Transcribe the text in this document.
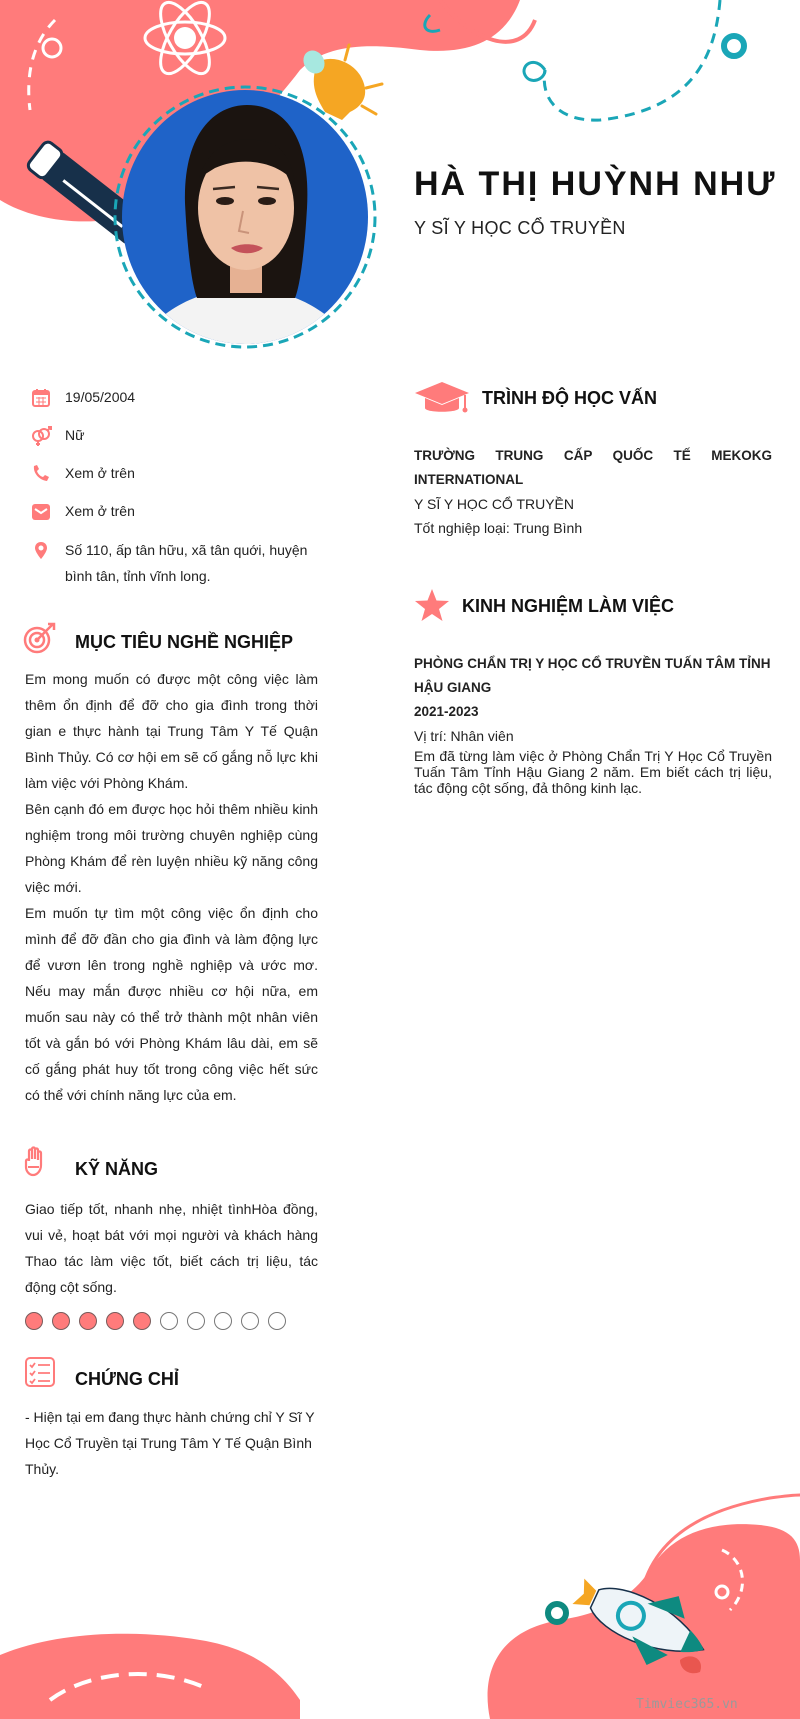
HÀ THỊ HUỲNH NHƯ
Y SĨ Y HỌC CỔ TRUYỀN
19/05/2004
Nữ
Xem ở trên
Xem ở trên
Số 110, ấp tân hữu, xã tân quới, huyện bình tân, tỉnh vĩnh long.
MỤC TIÊU NGHỀ NGHIỆP

Em mong muốn có được một công việc làm thêm ổn định để đỡ cho gia đình trong thời gian e thực hành tại Trung Tâm Y Tế Quận Bình Thủy. Có cơ hội em sẽ cố gắng nỗ lực khi làm việc với Phòng Khám.

Bên cạnh đó em được học hỏi thêm nhiều kinh nghiệm trong môi trường chuyên nghiệp cùng Phòng Khám để rèn luyện nhiều kỹ năng công việc mới.

Em muốn tự tìm một công việc ổn định cho mình để đỡ đần cho gia đình và làm động lực để vươn lên trong nghề nghiệp và ước mơ. Nếu may mắn được nhiều cơ hội nữa, em muốn sau này có thể trở thành một nhân viên tốt và gắn bó với Phòng Khám lâu dài, em sẽ cố gắng phát huy tốt trong công việc hết sức có thể với chính năng lực của em.

KỸ NĂNG
Giao tiếp tốt, nhanh nhẹ, nhiệt tìnhHòa đồng, vui vẻ, hoạt bát với mọi người và khách hàng Thao tác làm việc tốt, biết cách trị liệu, tác động cột sống.
CHỨNG CHỈ
- Hiện tại em đang thực hành chứng chỉ Y Sĩ Y Học Cổ Truyền tại Trung Tâm Y Tế Quận Bình Thủy.
TRÌNH ĐỘ HỌC VẤN
TRƯỜNG TRUNG CẤP QUỐC TẾ MEKOKG INTERNATIONAL
Y SĨ Y HỌC CỔ TRUYỀN
Tốt nghiệp loại: Trung Bình
KINH NGHIỆM LÀM VIỆC
PHÒNG CHẨN TRỊ Y HỌC CỔ TRUYỀN TUẤN TÂM TỈNH HẬU GIANG
2021-2023
Vị trí: Nhân viên
Em đã từng làm việc ở Phòng Chẩn Trị Y Học Cổ Truyền Tuấn Tâm Tỉnh Hậu Giang 2 năm. Em biết cách trị liệu, tác động cột sống, đả thông kinh lạc.
Timviec365.vn
